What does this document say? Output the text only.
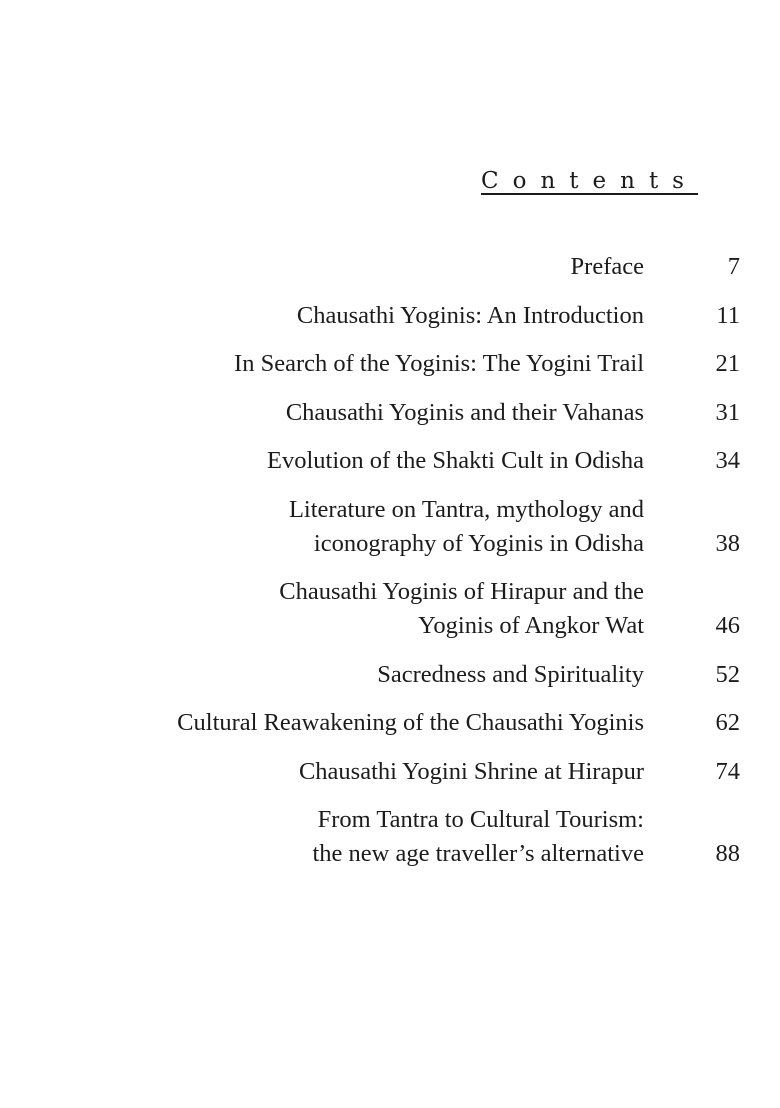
Contents
Preface	7
Chausathi Yoginis: An Introduction	11
In Search of the Yoginis: The Yogini Trail	21
Chausathi Yoginis and their Vahanas	31
Evolution of the Shakti Cult in Odisha	34
Literature on Tantra, mythology and
iconography of Yoginis in Odisha	38
Chausathi Yoginis of Hirapur and the
Yoginis of Angkor Wat	46
Sacredness and Spirituality	52
Cultural Reawakening of the Chausathi Yoginis	62
Chausathi Yogini Shrine at Hirapur	74
From Tantra to Cultural Tourism:
the new age traveller’s alternative	88
